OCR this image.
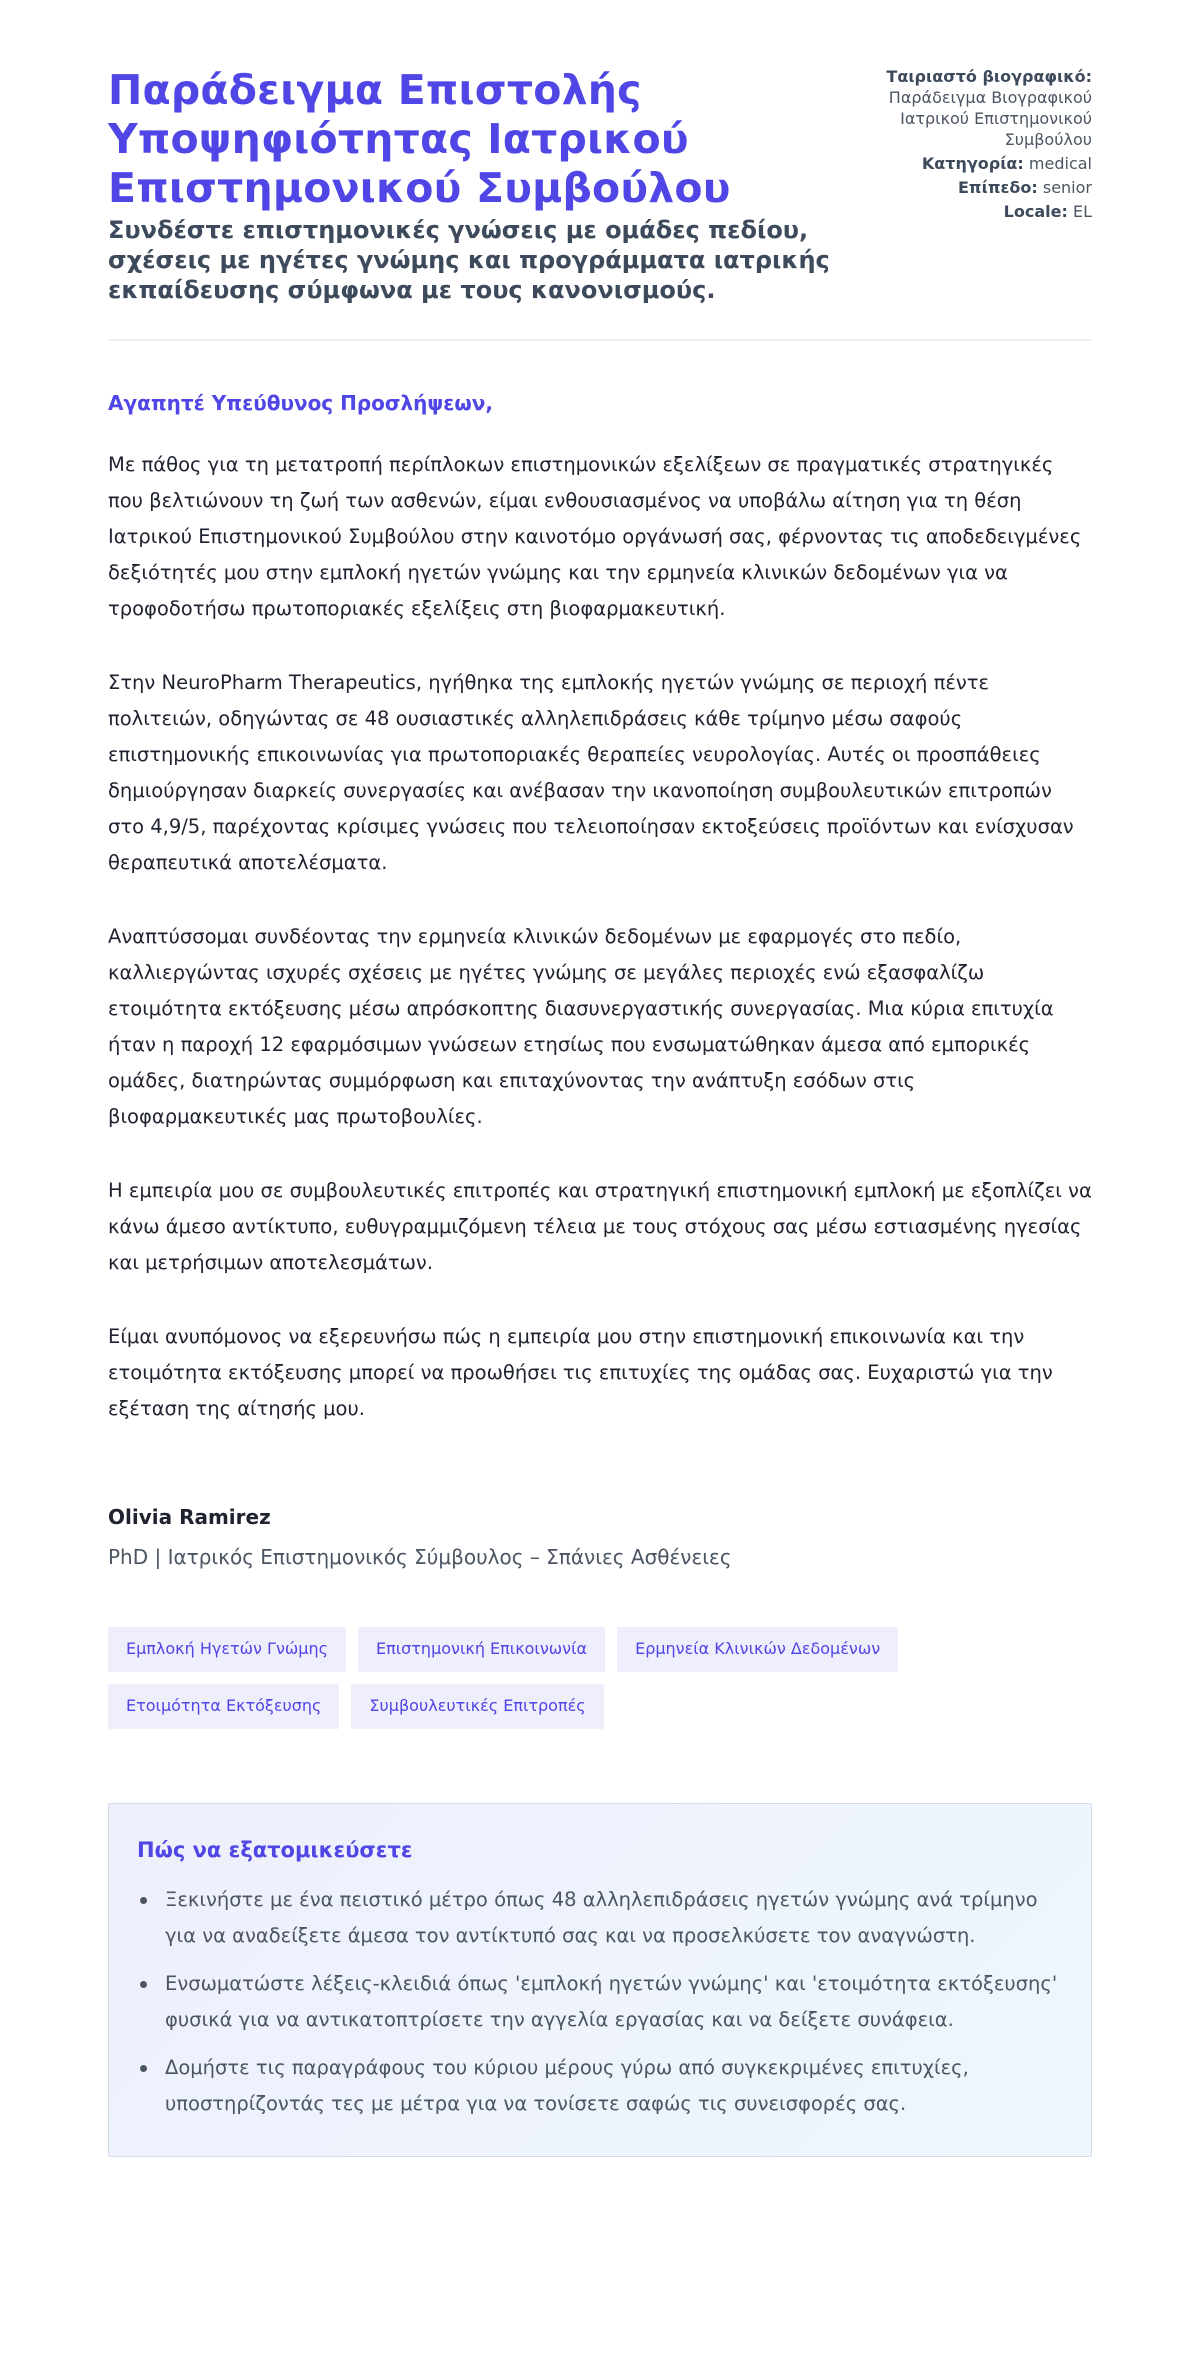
Παράδειγμα Επιστολής Υποψηφιότητας Ιατρικού Επιστημονικού Συμβούλου

Συνδέστε επιστημονικές γνώσεις με ομάδες πεδίου, σχέσεις με ηγέτες γνώμης και προγράμματα ιατρικής εκπαίδευσης σύμφωνα με τους κανονισμούς.

Ταιριαστό βιογραφικό:
Παράδειγμα Βιογραφικού Ιατρικού Επιστημονικού Συμβούλου
Κατηγορία: medical
Επίπεδο: senior
Locale: EL

Αγαπητέ Υπεύθυνος Προσλήψεων,

Με πάθος για τη μετατροπή περίπλοκων επιστημονικών εξελίξεων σε πραγματικές στρατηγικές που βελτιώνουν τη ζωή των ασθενών, είμαι ενθουσιασμένος να υποβάλω αίτηση για τη θέση Ιατρικού Επιστημονικού Συμβούλου στην καινοτόμο οργάνωσή σας, φέρνοντας τις αποδεδειγμένες δεξιότητές μου στην εμπλοκή ηγετών γνώμης και την ερμηνεία κλινικών δεδομένων για να τροφοδοτήσω πρωτοποριακές εξελίξεις στη βιοφαρμακευτική.

Στην NeuroPharm Therapeutics, ηγήθηκα της εμπλοκής ηγετών γνώμης σε περιοχή πέντε πολιτειών, οδηγώντας σε 48 ουσιαστικές αλληλεπιδράσεις κάθε τρίμηνο μέσω σαφούς επιστημονικής επικοινωνίας για πρωτοποριακές θεραπείες νευρολογίας. Αυτές οι προσπάθειες δημιούργησαν διαρκείς συνεργασίες και ανέβασαν την ικανοποίηση συμβουλευτικών επιτροπών στο 4,9/5, παρέχοντας κρίσιμες γνώσεις που τελειοποίησαν εκτοξεύσεις προϊόντων και ενίσχυσαν θεραπευτικά αποτελέσματα.

Αναπτύσσομαι συνδέοντας την ερμηνεία κλινικών δεδομένων με εφαρμογές στο πεδίο, καλλιεργώντας ισχυρές σχέσεις με ηγέτες γνώμης σε μεγάλες περιοχές ενώ εξασφαλίζω ετοιμότητα εκτόξευσης μέσω απρόσκοπτης διασυνεργαστικής συνεργασίας. Μια κύρια επιτυχία ήταν η παροχή 12 εφαρμόσιμων γνώσεων ετησίως που ενσωματώθηκαν άμεσα από εμπορικές ομάδες, διατηρώντας συμμόρφωση και επιταχύνοντας την ανάπτυξη εσόδων στις βιοφαρμακευτικές μας πρωτοβουλίες.

Η εμπειρία μου σε συμβουλευτικές επιτροπές και στρατηγική επιστημονική εμπλοκή με εξοπλίζει να κάνω άμεσο αντίκτυπο, ευθυγραμμιζόμενη τέλεια με τους στόχους σας μέσω εστιασμένης ηγεσίας και μετρήσιμων αποτελεσμάτων.

Είμαι ανυπόμονος να εξερευνήσω πώς η εμπειρία μου στην επιστημονική επικοινωνία και την ετοιμότητα εκτόξευσης μπορεί να προωθήσει τις επιτυχίες της ομάδας σας. Ευχαριστώ για την εξέταση της αίτησής μου.

Olivia Ramirez

PhD | Ιατρικός Επιστημονικός Σύμβουλος – Σπάνιες Ασθένειες

Εμπλοκή Ηγετών Γνώμης	Επιστημονική Επικοινωνία	Ερμηνεία Κλινικών Δεδομένων
Ετοιμότητα Εκτόξευσης	Συμβουλευτικές Επιτροπές
Πώς να εξατομικεύσετε
Ξεκινήστε με ένα πειστικό μέτρο όπως 48 αλληλεπιδράσεις ηγετών γνώμης ανά τρίμηνο για να αναδείξετε άμεσα τον αντίκτυπό σας και να προσελκύσετε τον αναγνώστη.
Ενσωματώστε λέξεις-κλειδιά όπως 'εμπλοκή ηγετών γνώμης' και 'ετοιμότητα εκτόξευσης' φυσικά για να αντικατοπτρίσετε την αγγελία εργασίας και να δείξετε συνάφεια.
Δομήστε τις παραγράφους του κύριου μέρους γύρω από συγκεκριμένες επιτυχίες, υποστηρίζοντάς τες με μέτρα για να τονίσετε σαφώς τις συνεισφορές σας.
